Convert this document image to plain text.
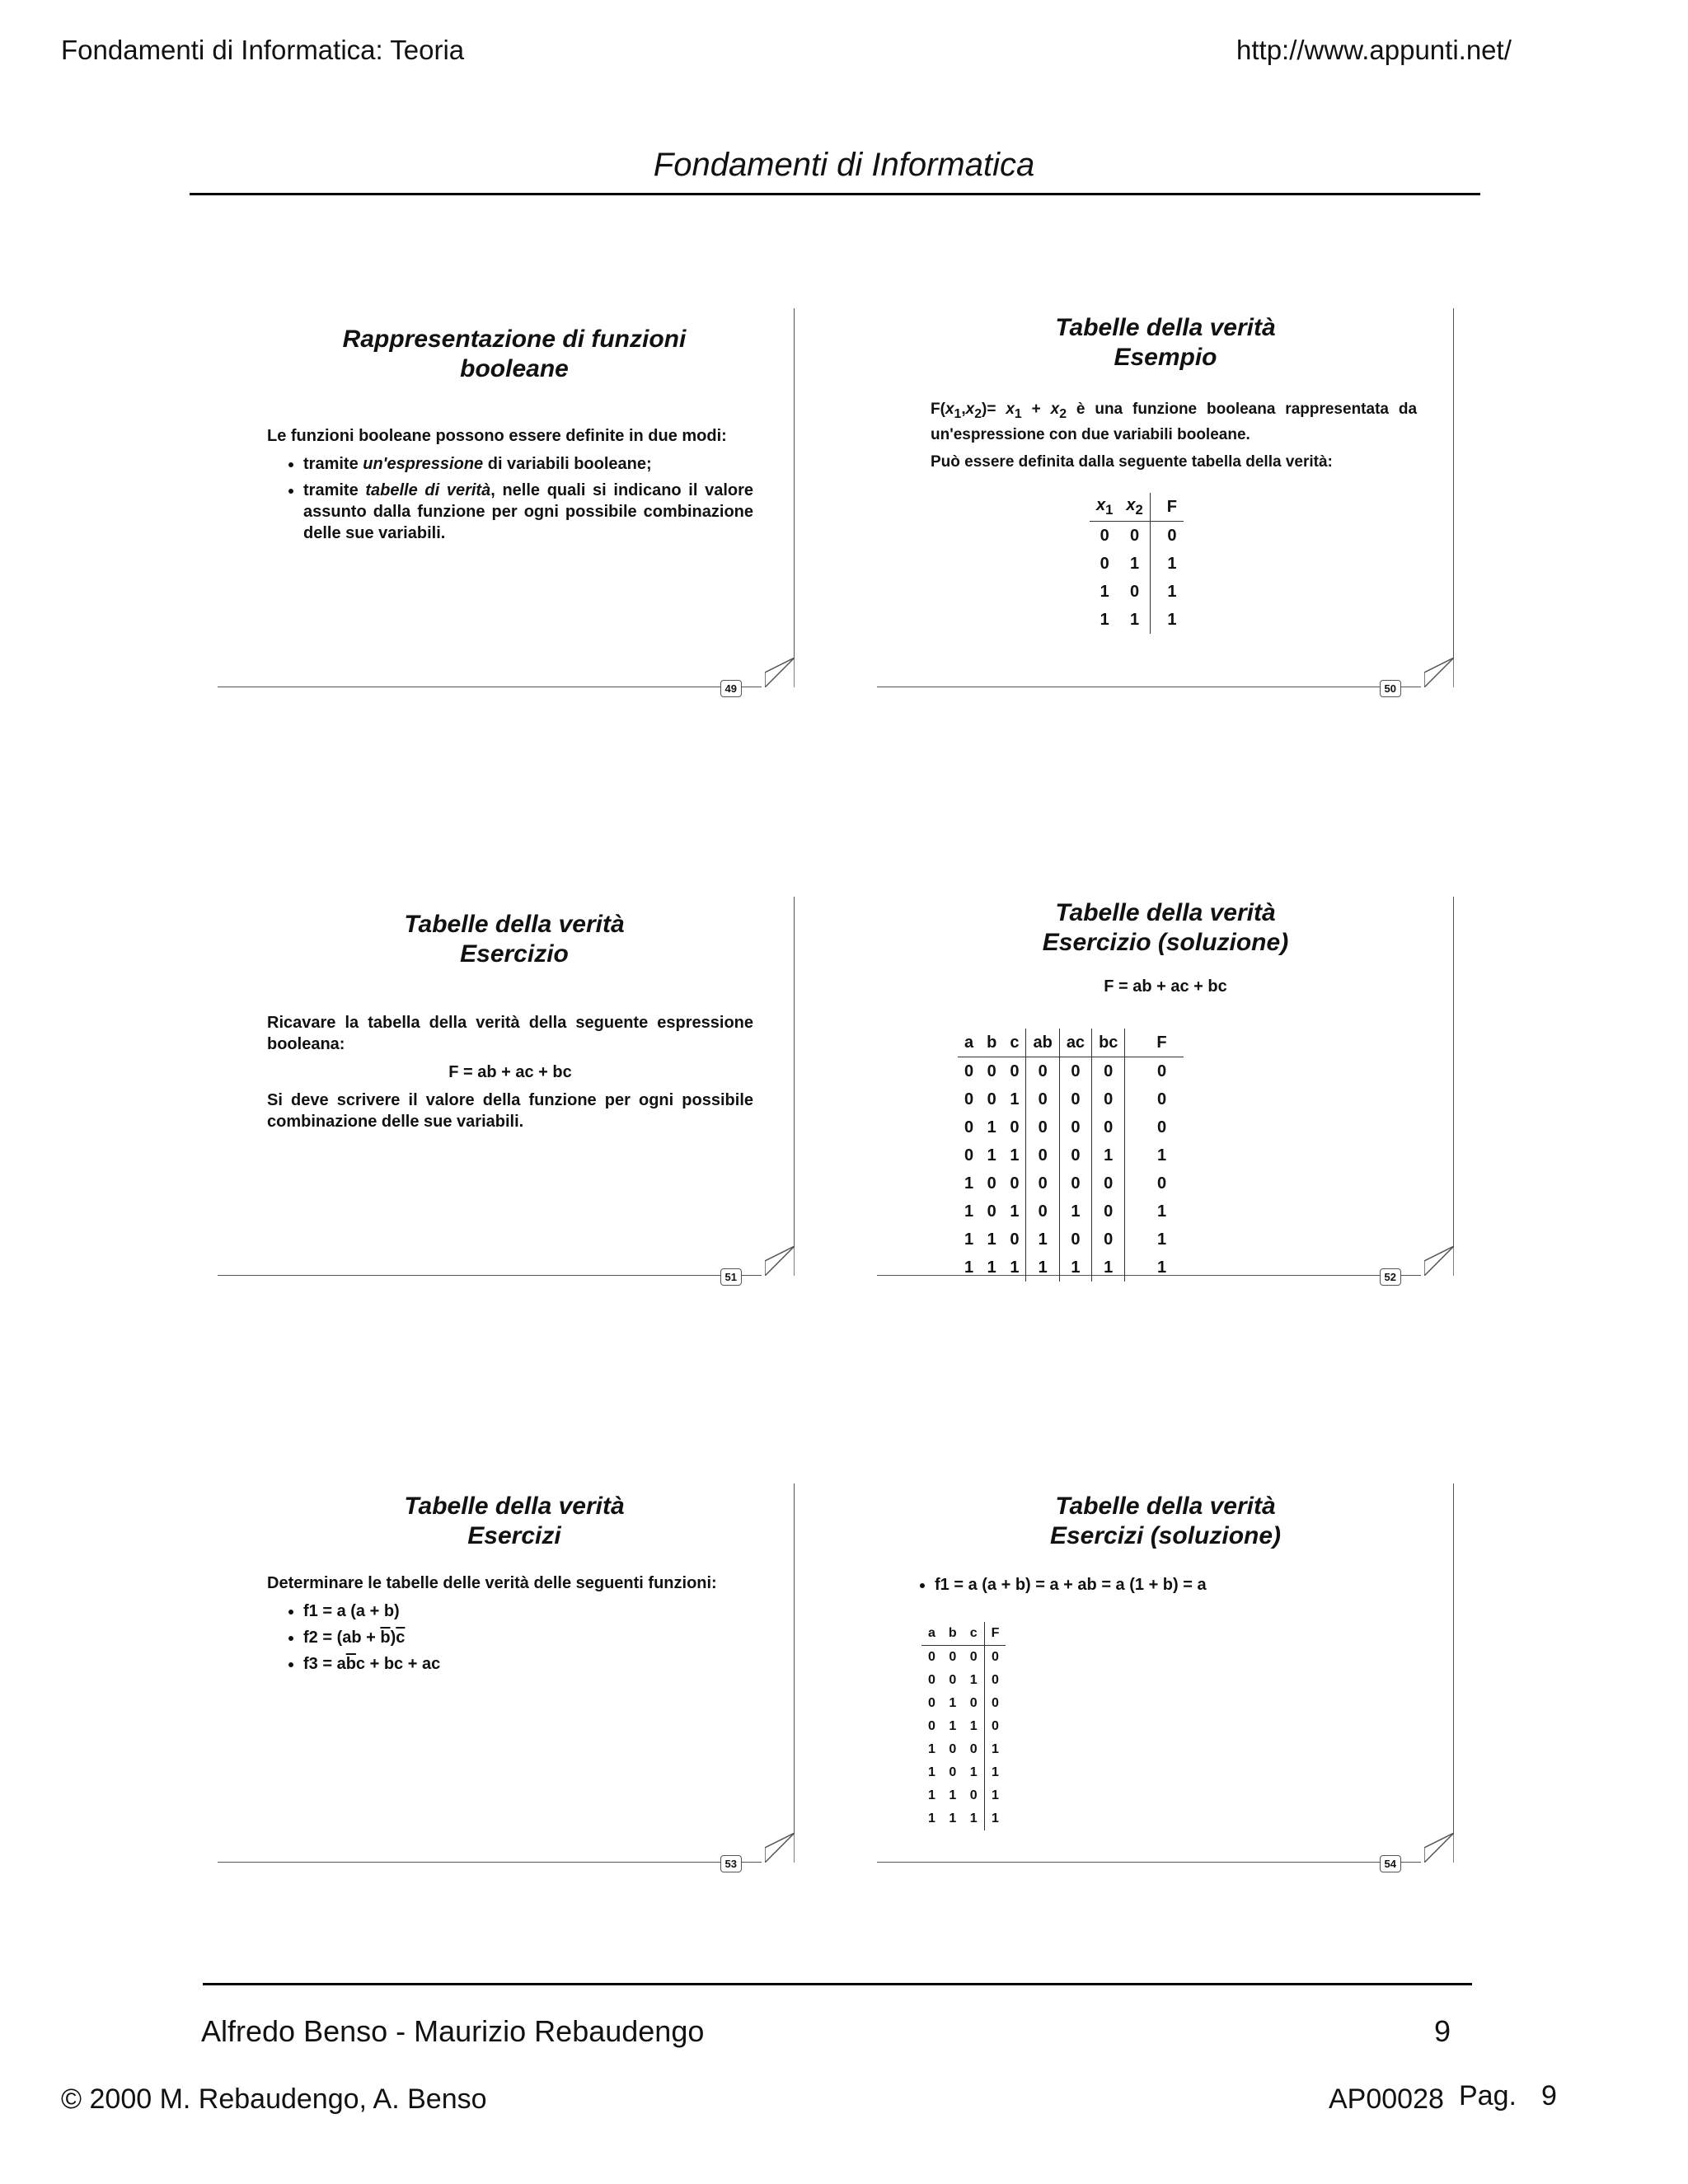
Fondamenti di Informatica: Teoria	http://www.appunti.net/
Fondamenti di Informatica
49
Rappresentazione di funzioni
booleane

Le funzioni booleane possono essere definite in due modi:

• tramite un'espressione di variabili booleane;
• tramite tabelle di verità, nelle quali si indicano il valore assunto dalla funzione per ogni possibile combinazione delle sue variabili.
50
Tabelle della verità
Esempio

$F(x_1,x_2)= x_1 + x_2$ è una funzione booleana rappresentata da un'espressione con due variabili booleane.

Può essere definita dalla seguente tabella della verità:

$x_1$	$x_2$	F
0	0	0
0	1	1
1	0	1
1	1	1
51
Tabelle della verità
Esercizio

Ricavare la tabella della verità della seguente espressione booleana:

F = ab + ac + bc

Si deve scrivere il valore della funzione per ogni possibile combinazione delle sue variabili.

52
Tabelle della verità
Esercizio (soluzione)
F = ab + ac + bc
a	b	c	ab	ac	bc	F
0	0	0	0	0	0	0
0	0	1	0	0	0	0
0	1	0	0	0	0	0
0	1	1	0	0	1	1
1	0	0	0	0	0	0
1	0	1	0	1	0	1
1	1	0	1	0	0	1
1	1	1	1	1	1	1
53
Tabelle della verità
Esercizi

Determinare le tabelle delle verità delle seguenti funzioni:

• f1 = a (a + b)
• $f2 = (ab + \overline{b})\overline{c}$
• $f3 = a\overline{b}c$ + bc + ac
54
Tabelle della verità
Esercizi (soluzione)
• f1 = a (a + b) = a + ab = a (1 + b) = a
a	b	c	F
0	0	0	0
0	0	1	0
0	1	0	0
0	1	1	0
1	0	0	1
1	0	1	1
1	1	0	1
1	1	1	1
Alfredo Benso - Maurizio Rebaudengo	9
© 2000 M. Rebaudengo, A. Benso	AP00028 Pag. 9
